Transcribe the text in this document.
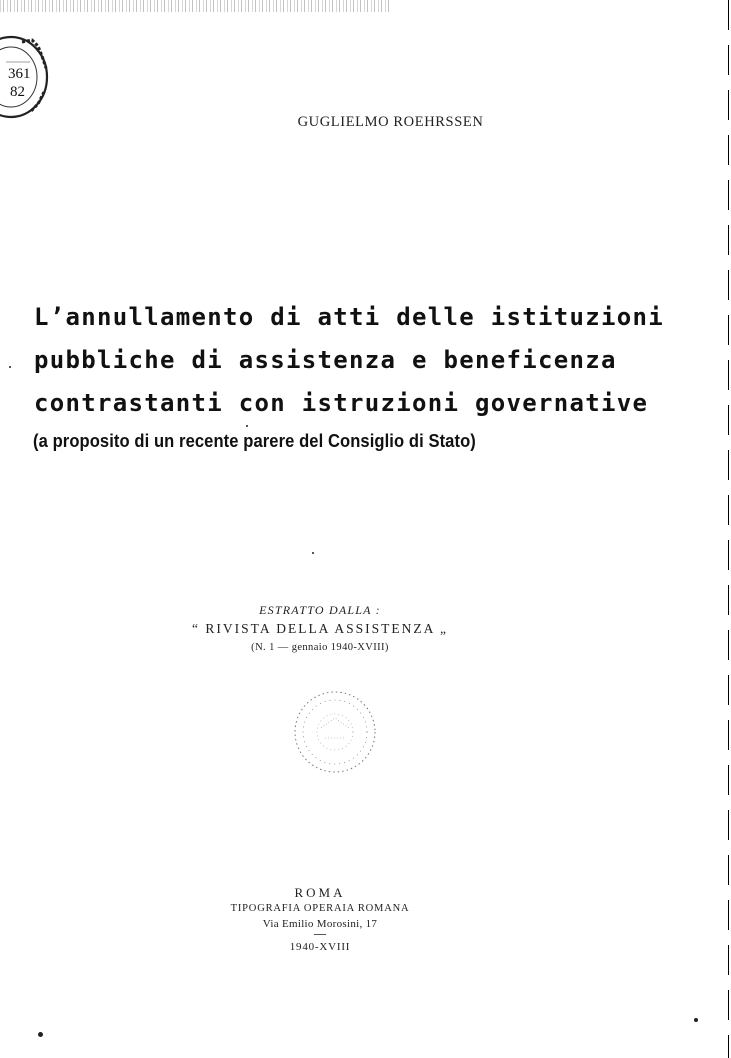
361
82
GUGLIELMO ROEHRSSEN
L’annullamento di atti delle istituzioni
pubbliche di assistenza e beneficenza
contrastanti con istruzioni governative
(a proposito di un recente parere del Consiglio di Stato)
ESTRATTO DALLA :
“ RIVISTA DELLA ASSISTENZA „
(N. 1 — gennaio 1940-XVIII)
ROMA
TIPOGRAFIA OPERAIA ROMANA
Via Emilio Morosini, 17
1940-XVIII
